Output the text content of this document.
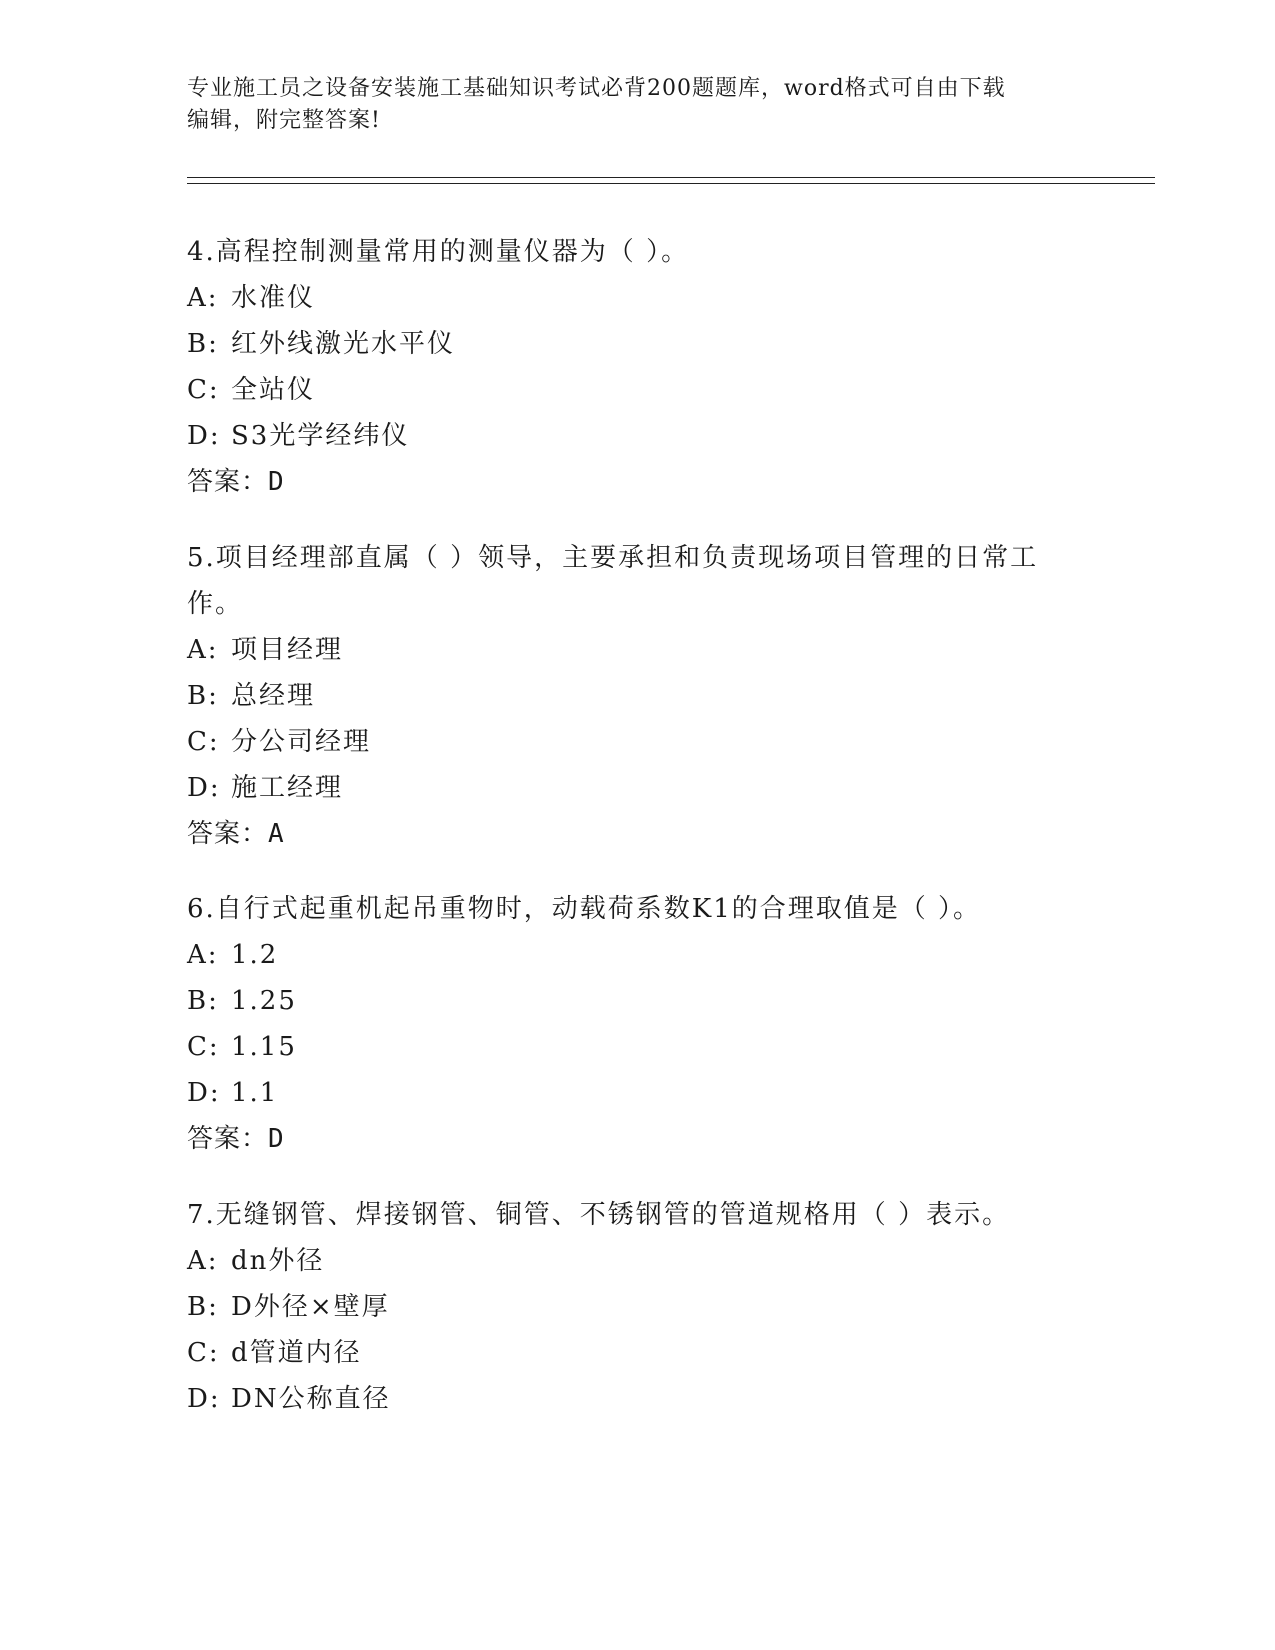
专业施工员之设备安装施工基础知识考试必背200题题库，word格式可自由下载
编辑，附完整答案!
4.高程控制测量常用的测量仪器为（ ）。
A: 水准仪
B: 红外线激光水平仪
C: 全站仪
D: S3光学经纬仪
答案：D
5.项目经理部直属（ ）领导，主要承担和负责现场项目管理的日常工
作。
A: 项目经理
B: 总经理
C: 分公司经理
D: 施工经理
答案：A
6.自行式起重机起吊重物时，动载荷系数K1的合理取值是（ ）。
A: 1.2
B: 1.25
C: 1.15
D: 1.1
答案：D
7.无缝钢管、焊接钢管、铜管、不锈钢管的管道规格用（ ）表示。
A: dn外径
B: D外径×壁厚
C: d管道内径
D: DN公称直径
